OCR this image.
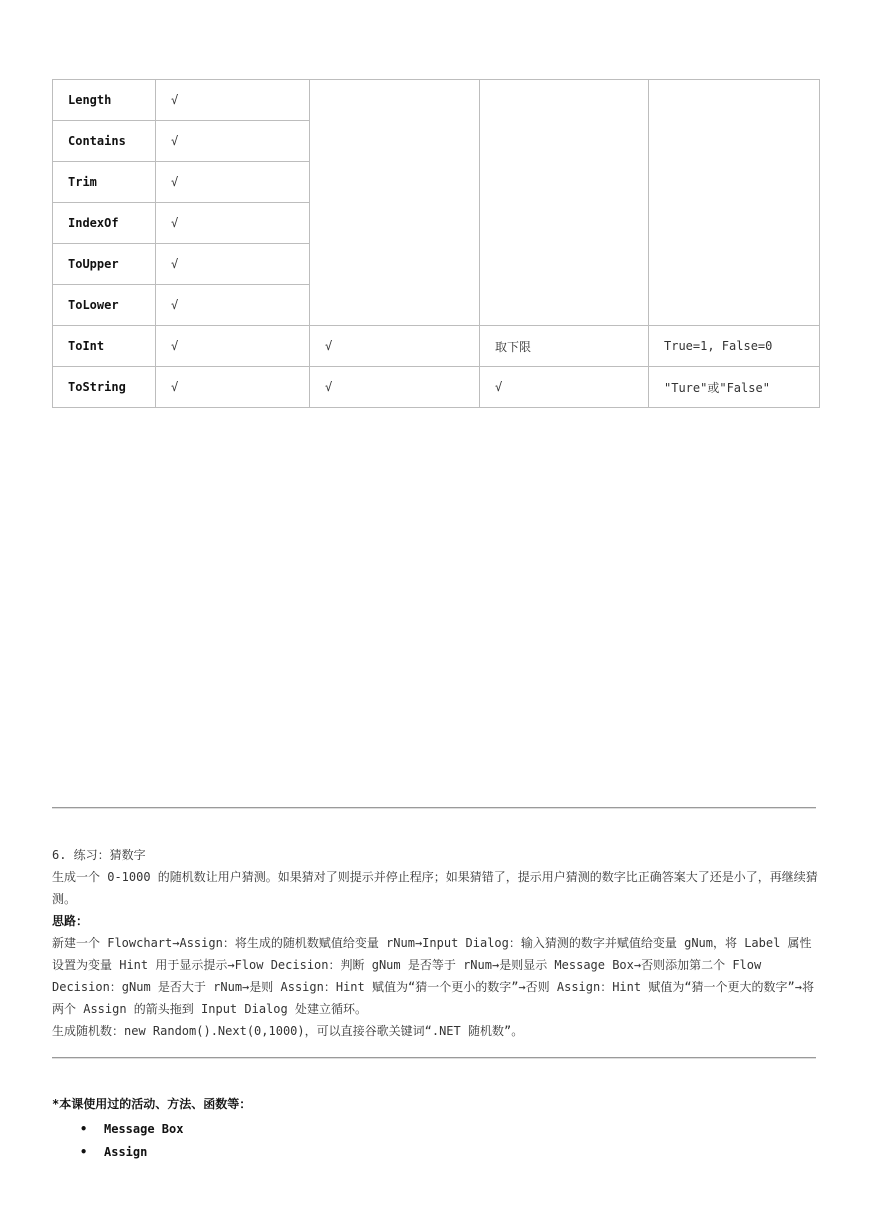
Length	√			
Contains	√			
Trim	√			
IndexOf	√			
ToUpper	√			
ToLower	√			
ToInt	√	√	取下限	True=1, False=0
ToString	√	√	√	"Ture"或"False"

6. 练习：猜数字

生成一个 0-1000 的随机数让用户猜测。如果猜对了则提示并停止程序；如果猜错了，提示用户猜测的数字比正确答案大了还是小了，再继续猜测。

思路：

新建一个 Flowchart→Assign：将生成的随机数赋值给变量 rNum→Input Dialog：输入猜测的数字并赋值给变量 gNum，将 Label 属性设置为变量 Hint 用于显示提示→Flow Decision：判断 gNum 是否等于 rNum→是则显示 Message Box→否则添加第二个 Flow Decision：gNum 是否大于 rNum→是则 Assign：Hint 赋值为“猜一个更小的数字”→否则 Assign：Hint 赋值为“猜一个更大的数字”→将两个 Assign 的箭头拖到 Input Dialog 处建立循环。

生成随机数：new Random().Next(0,1000)，可以直接谷歌关键词“.NET 随机数”。

*本课使用过的活动、方法、函数等：

• Message Box
• Assign
